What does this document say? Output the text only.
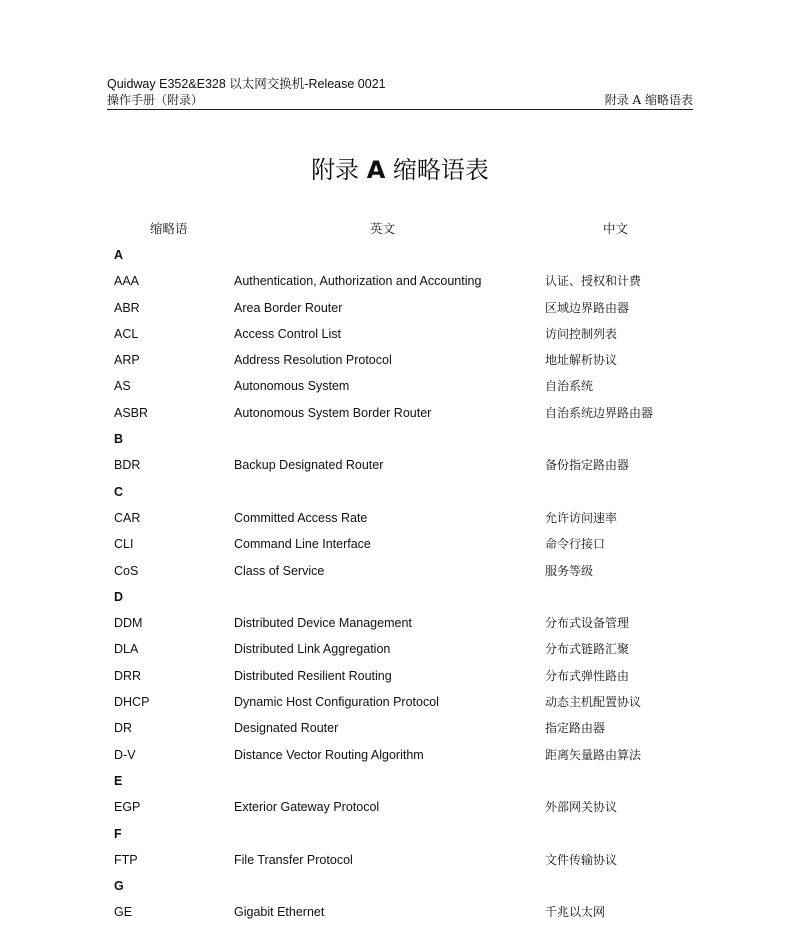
Quidway E352&E328 以太网交换机-Release 0021
操作手册（附录）	附录 A 缩略语表
附录 A 缩略语表
缩略语	英文	中文
A
AAA	Authentication, Authorization and Accounting	认证、授权和计费
ABR	Area Border Router	区域边界路由器
ACL	Access Control List	访问控制列表
ARP	Address Resolution Protocol	地址解析协议
AS	Autonomous System	自治系统
ASBR	Autonomous System Border Router	自治系统边界路由器
B
BDR	Backup Designated Router	备份指定路由器
C
CAR	Committed Access Rate	允许访问速率
CLI	Command Line Interface	命令行接口
CoS	Class of Service	服务等级
D
DDM	Distributed Device Management	分布式设备管理
DLA	Distributed Link Aggregation	分布式链路汇聚
DRR	Distributed Resilient Routing	分布式弹性路由
DHCP	Dynamic Host Configuration Protocol	动态主机配置协议
DR	Designated Router	指定路由器
D-V	Distance Vector Routing Algorithm	距离矢量路由算法
E
EGP	Exterior Gateway Protocol	外部网关协议
F
FTP	File Transfer Protocol	文件传输协议
G
GE	Gigabit Ethernet	千兆以太网
